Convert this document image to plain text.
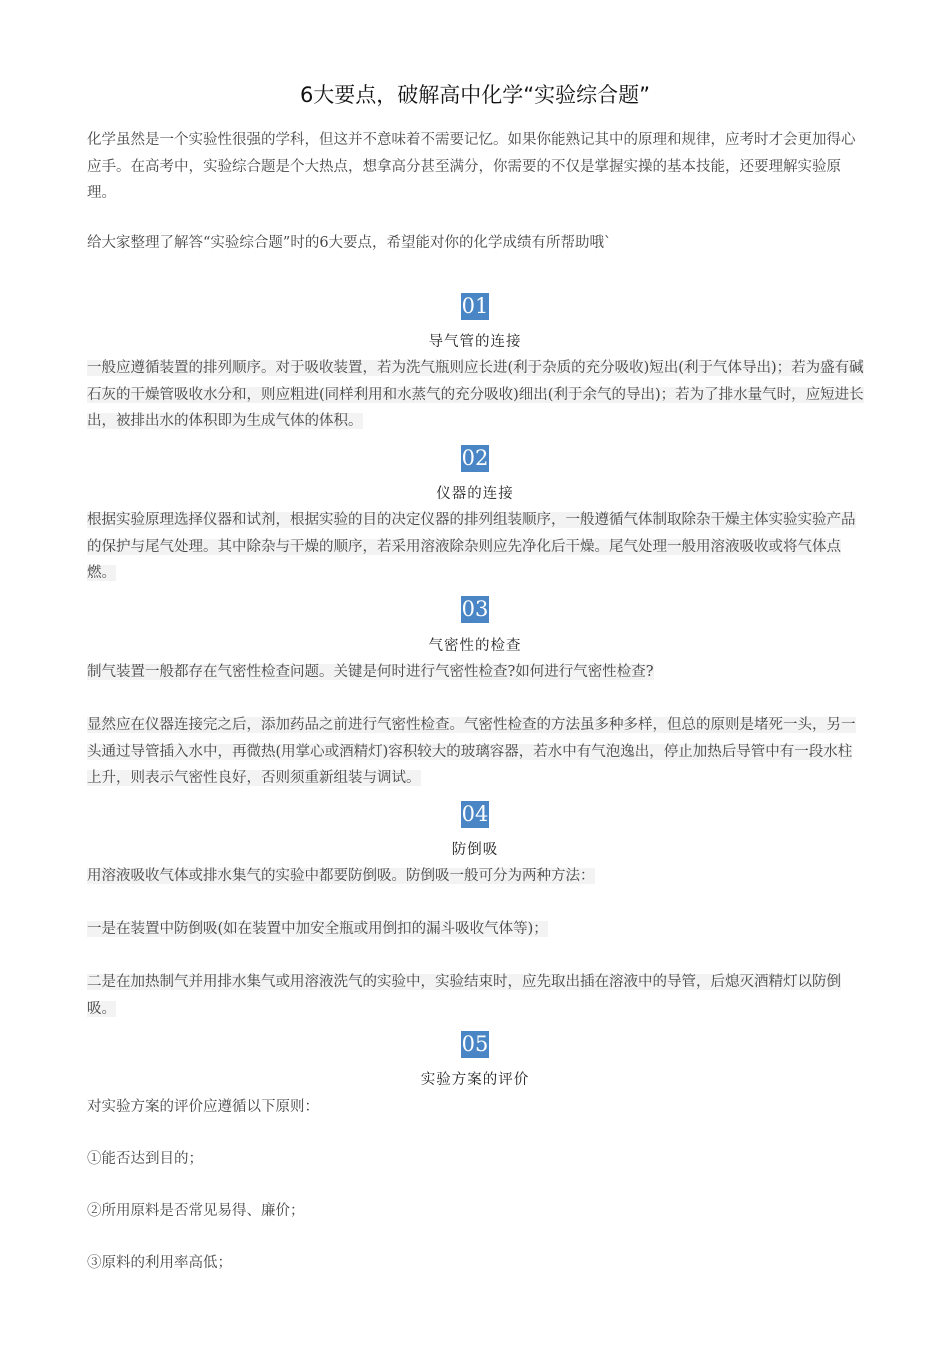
6大要点，破解高中化学“实验综合题”
化学虽然是一个实验性很强的学科，但这并不意味着不需要记忆。如果你能熟记其中的原理和规律，应考时才会更加得心应手。在高考中，实验综合题是个大热点，想拿高分甚至满分，你需要的不仅是掌握实操的基本技能，还要理解实验原理。
给大家整理了解答“实验综合题”时的6大要点，希望能对你的化学成绩有所帮助哦`
01
导气管的连接
一般应遵循装置的排列顺序。对于吸收装置，若为洗气瓶则应长进(利于杂质的充分吸收)短出(利于气体导出)；若为盛有碱石灰的干燥管吸收水分和，则应粗进(同样利用和水蒸气的充分吸收)细出(利于余气的导出)；若为了排水量气时，应短进长出，被排出水的体积即为生成气体的体积。
02
仪器的连接
根据实验原理选择仪器和试剂，根据实验的目的决定仪器的排列组装顺序，一般遵循气体制取除杂干燥主体实验实验产品的保护与尾气处理。其中除杂与干燥的顺序，若采用溶液除杂则应先净化后干燥。尾气处理一般用溶液吸收或将气体点燃。
03
气密性的检查
制气装置一般都存在气密性检查问题。关键是何时进行气密性检查?如何进行气密性检查?
显然应在仪器连接完之后，添加药品之前进行气密性检查。气密性检查的方法虽多种多样，但总的原则是堵死一头，另一头通过导管插入水中，再微热(用掌心或酒精灯)容积较大的玻璃容器，若水中有气泡逸出，停止加热后导管中有一段水柱上升，则表示气密性良好，否则须重新组装与调试。
04
防倒吸
用溶液吸收气体或排水集气的实验中都要防倒吸。防倒吸一般可分为两种方法：
一是在装置中防倒吸(如在装置中加安全瓶或用倒扣的漏斗吸收气体等)；
二是在加热制气并用排水集气或用溶液洗气的实验中，实验结束时，应先取出插在溶液中的导管，后熄灭酒精灯以防倒吸。
05
实验方案的评价
对实验方案的评价应遵循以下原则：
①能否达到目的；
②所用原料是否常见易得、廉价；
③原料的利用率高低；
